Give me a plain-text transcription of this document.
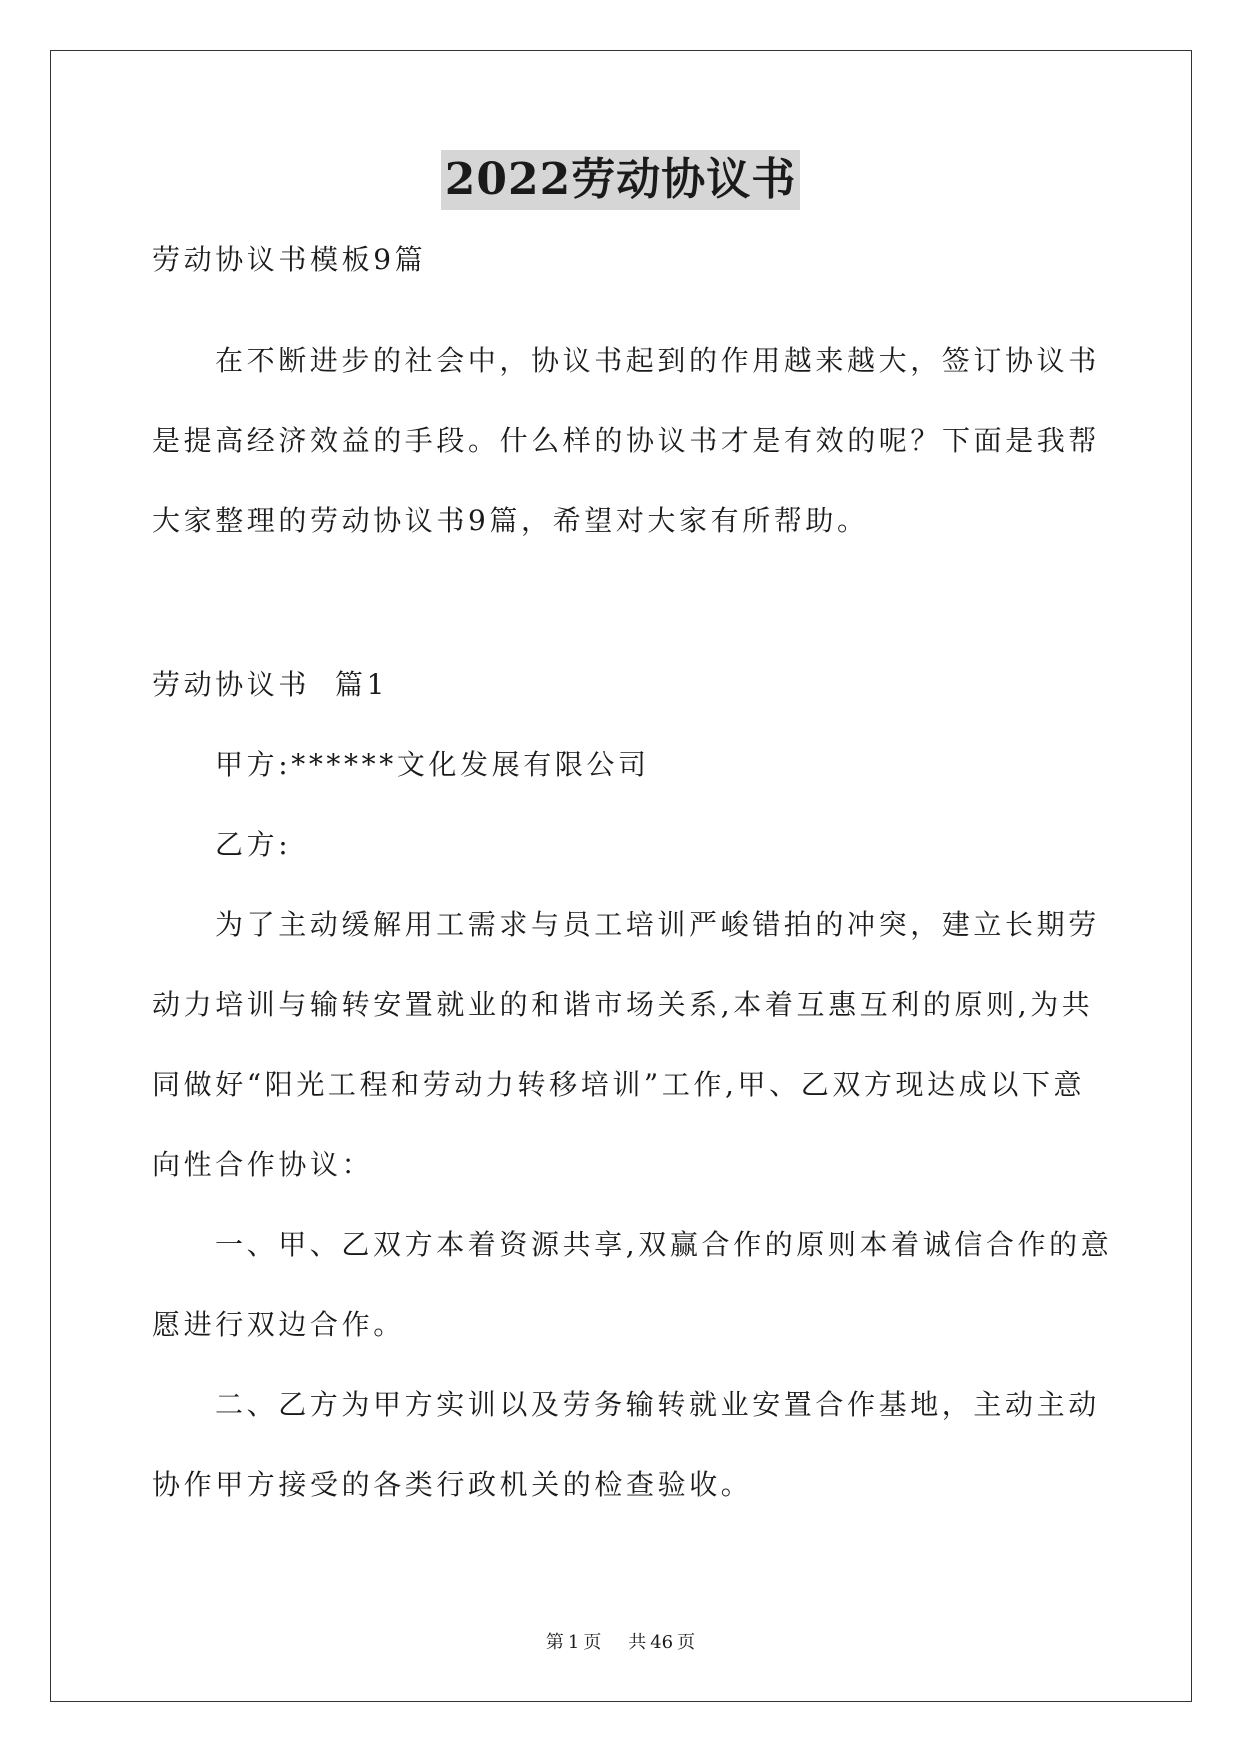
2022劳动协议书
劳动协议书模板9篇
在不断进步的社会中，协议书起到的作用越来越大，签订协议书
是提高经济效益的手段。什么样的协议书才是有效的呢？下面是我帮
大家整理的劳动协议书9篇，希望对大家有所帮助。
劳动协议书  篇1
甲方:******文化发展有限公司
乙方:
为了主动缓解用工需求与员工培训严峻错拍的冲突，建立长期劳
动力培训与输转安置就业的和谐市场关系,本着互惠互利的原则,为共
同做好“阳光工程和劳动力转移培训”工作,甲、乙双方现达成以下意
向性合作协议：
一、甲、乙双方本着资源共享,双赢合作的原则本着诚信合作的意
愿进行双边合作。
二、乙方为甲方实训以及劳务输转就业安置合作基地，主动主动
协作甲方接受的各类行政机关的检查验收。
第 1 页 共 46 页
